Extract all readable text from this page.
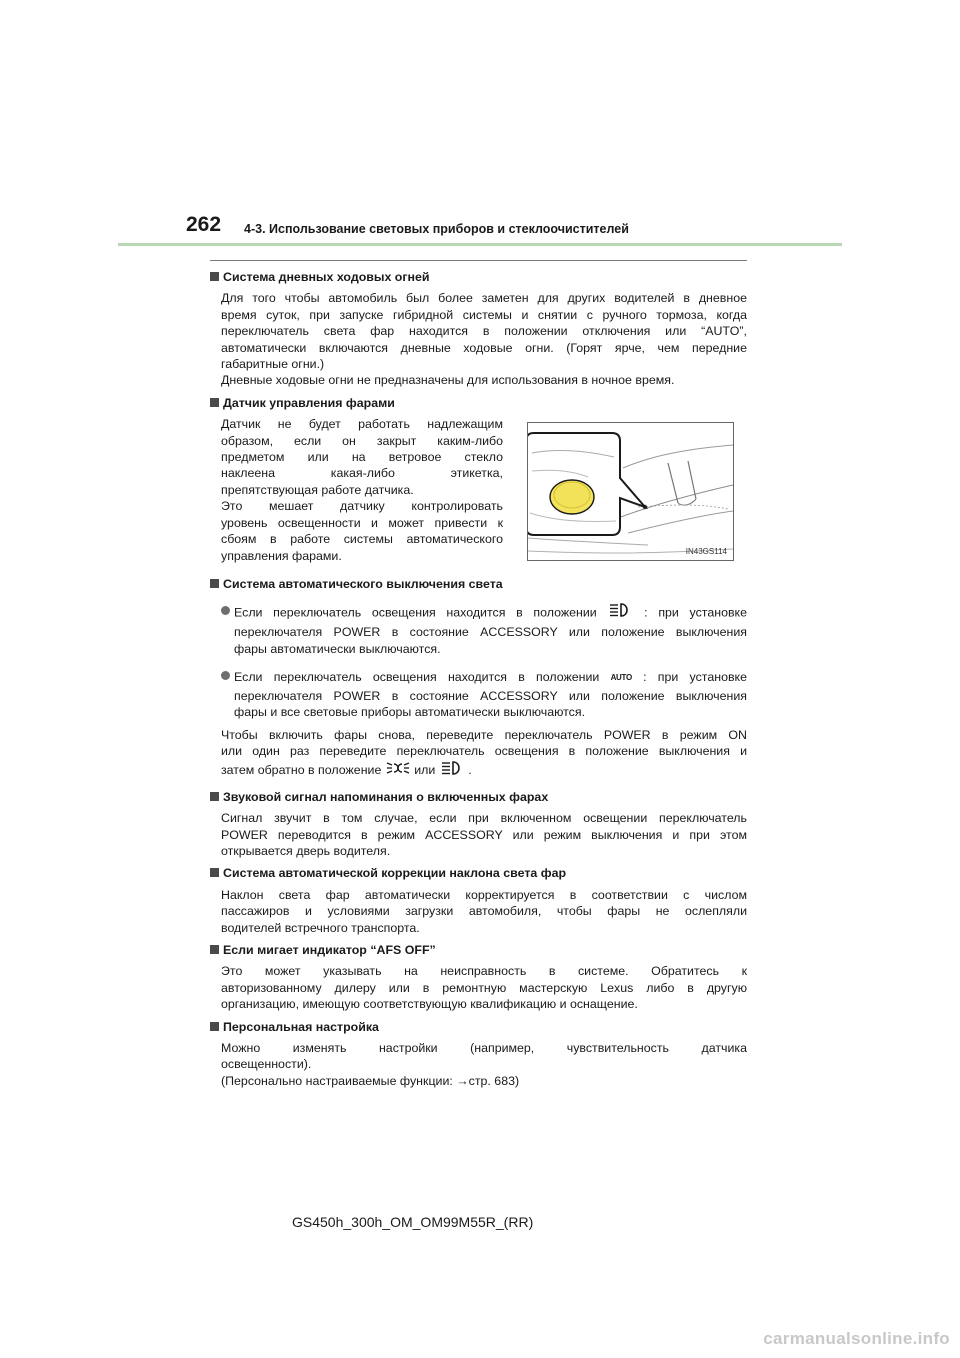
262 4-3. Использование световых приборов и стеклоочистителей
Система дневных ходовых огней
Для того чтобы автомобиль был более заметен для других водителей в дневное
время суток, при запуске гибридной системы и снятии с ручного тормоза, когда
переключатель света фар находится в положении отключения или “AUTO”,
автоматически включаются дневные ходовые огни. (Горят ярче, чем передние
габаритные огни.)
Дневные ходовые огни не предназначены для использования в ночное время.
Датчик управления фарами
Датчик не будет работать надлежащим
образом, если он закрыт каким-либо
предметом или на ветровое стекло
наклеена какая-либо этикетка,
препятствующая работе датчика.
Это мешает датчику контролировать
уровень освещенности и может привести к
сбоям в работе системы автоматического
управления фарами.
Система автоматического выключения света
Если переключатель освещения находится в положении	: при установке
переключателя POWER в состояние ACCESSORY или положение выключения
фары автоматически выключаются.
Если переключатель освещения находится в положении AUTO : при установке
переключателя POWER в состояние ACCESSORY или положение выключения
фары и все световые приборы автоматически выключаются.
Чтобы включить фары снова, переведите переключатель POWER в режим ON
или один раз переведите переключатель освещения в положение выключения и
затем обратно в положение	или	.
Звуковой сигнал напоминания о включенных фарах
Сигнал звучит в том случае, если при включенном освещении переключатель
POWER переводится в режим ACCESSORY или режим выключения и при этом
открывается дверь водителя.
Система автоматической коррекции наклона света фар
Наклон света фар автоматически корректируется в соответствии с числом
пассажиров и условиями загрузки автомобиля, чтобы фары не ослепляли
водителей встречного транспорта.
Если мигает индикатор “AFS OFF”
Это может указывать на неисправность в системе. Обратитесь к
авторизованному дилеру или в ремонтную мастерскую Lexus либо в другую
организацию, имеющую соответствующую квалификацию и оснащение.
Персональная настройка
Можно изменять настройки (например, чувствительность датчика
освещенности).
(Персонально настраиваемые функции: →стр. 683)
IN43GS114
GS450h_300h_OM_OM99M55R_(RR)
carmanualsonline.info
